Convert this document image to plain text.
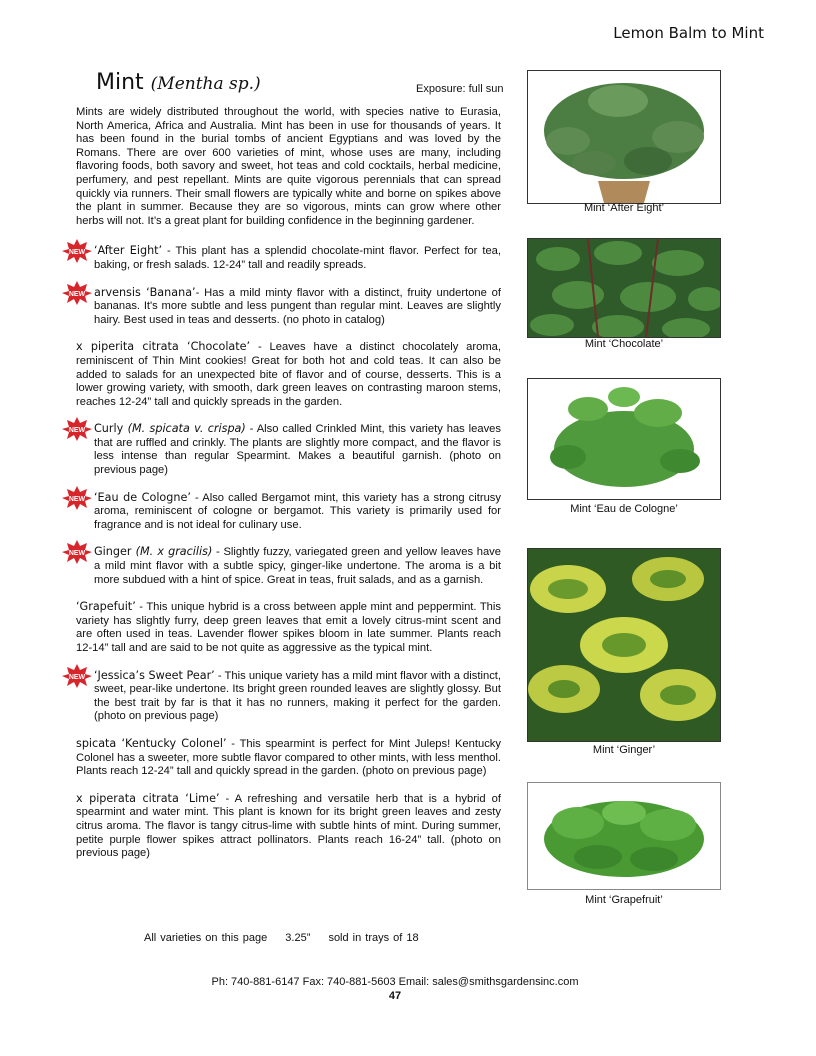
Lemon Balm to Mint
Mint (Mentha sp.)	Exposure: full sun

Mints are widely distributed throughout the world, with species native to Eurasia, North America, Africa and Australia. Mint has been in use for thousands of years. It has been found in the burial tombs of ancient Egyptians and was loved by the Romans. There are over 600 varieties of mint, whose uses are many, including flavoring foods, both savory and sweet, hot teas and cold cocktails, herbal medicine, perfumery, and pest repellant. Mints are quite vigorous perennials that can spread quickly via runners. Their small flowers are typically white and borne on spikes above the plant in summer. Because they are so vigorous, mints can grow where other herbs will not. It’s a great plant for building confidence in the beginning gardener.

NEW ‘After Eight’ - This plant has a splendid chocolate-mint flavor. Perfect for tea, baking, or fresh salads. 12-24” tall and readily spreads.

NEW arvensis ‘Banana’- Has a mild minty flavor with a distinct, fruity undertone of bananas. It's more subtle and less pungent than regular mint. Leaves are slightly hairy. Best used in teas and desserts. (no photo in catalog)

x piperita citrata ‘Chocolate’ - Leaves have a distinct chocolately aroma, reminiscent of Thin Mint cookies! Great for both hot and cold teas. It can also be added to salads for an unexpected bite of flavor and of course, desserts. This is a lower growing variety, with smooth, dark green leaves on contrasting maroon stems, reaches 12-24” tall and quickly spreads in the garden.

NEW Curly (M. spicata v. crispa) - Also called Crinkled Mint, this variety has leaves that are ruffled and crinkly. The plants are slightly more compact, and the flavor is less intense than regular Spearmint. Makes a beautiful garnish. (photo on previous page)

NEW ‘Eau de Cologne’ - Also called Bergamot mint, this variety has a strong citrusy aroma, reminiscent of cologne or bergamot. This variety is primarily used for fragrance and is not ideal for culinary use.

NEW Ginger (M. x gracilis) - Slightly fuzzy, variegated green and yellow leaves have a mild mint flavor with a subtle spicy, ginger-like undertone. The aroma is a bit more subdued with a hint of spice. Great in teas, fruit salads, and as a garnish.

‘Grapefuit’ - This unique hybrid is a cross between apple mint and peppermint. This variety has slightly furry, deep green leaves that emit a lovely citrus-mint scent and are often used in teas. Lavender flower spikes bloom in late summer. Plants reach 12-14” tall and are said to be not quite as aggressive as the typical mint.

NEW ‘Jessica’s Sweet Pear’ - This unique variety has a mild mint flavor with a distinct, sweet, pear-like undertone. Its bright green rounded leaves are slightly glossy. But the best trait by far is that it has no runners, making it perfect for the garden. (photo on previous page)

spicata ‘Kentucky Colonel’ - This spearmint is perfect for Mint Juleps! Kentucky Colonel has a sweeter, more subtle flavor compared to other mints, with less menthol. Plants reach 12-24” tall and quickly spread in the garden. (photo on previous page)

x piperata citrata ‘Lime’ - A refreshing and versatile herb that is a hybrid of spearmint and water mint. This plant is known for its bright green leaves and zesty citrus aroma. The flavor is tangy citrus-lime with subtle hints of mint. During summer, petite purple flower spikes attract pollinators. Plants reach 16-24” tall. (photo on previous page)

Mint ‘After Eight’
Mint ‘Chocolate’
Mint ‘Eau de Cologne’
Mint ‘Ginger’
Mint ‘Grapefruit’
All varieties on this page 3.25” sold in trays of 18
Ph: 740-881-6147 Fax: 740-881-5603 Email: sales@smithsgardensinc.com
47
